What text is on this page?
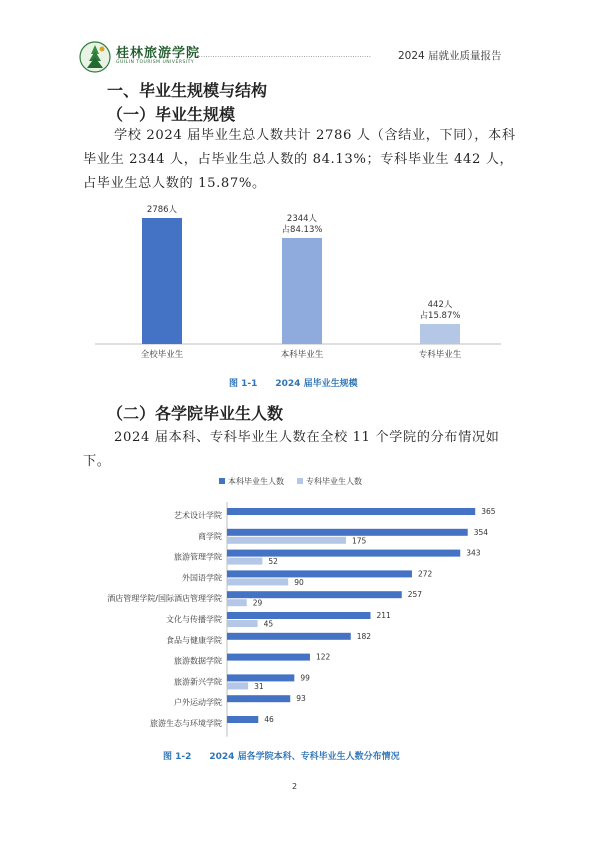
桂林旅游学院
GUILIN TOURISM UNIVERSITY
…………………………………………………………………	2024 届就业质量报告
一、毕业生规模与结构
（一）毕业生规模
学校 2024 届毕业生总人数共计 2786 人（含结业，下同），本科毕业生 2344 人，占毕业生总人数的 84.13%；专科毕业生 442 人，占毕业生总人数的 15.87%。
2786人
全校毕业生
2344人
占84.13%
本科毕业生
442人
占15.87%
专科毕业生
图 1-1　　2024 届毕业生规模
（二）各学院毕业生人数
2024 届本科、专科毕业生人数在全校 11 个学院的分布情况如下。
本科毕业生人数	专科毕业生人数
艺术设计学院	365
商学院	354
175
旅游管理学院	343
52
外国语学院	272
90
酒店管理学院/国际酒店管理学院	257
29
文化与传播学院	211
45
食品与健康学院	182
旅游数据学院	122
旅游新兴学院	99
31
户外运动学院	93
旅游生态与环境学院	46
图 1-2　　2024 届各学院本科、专科毕业生人数分布情况
2
